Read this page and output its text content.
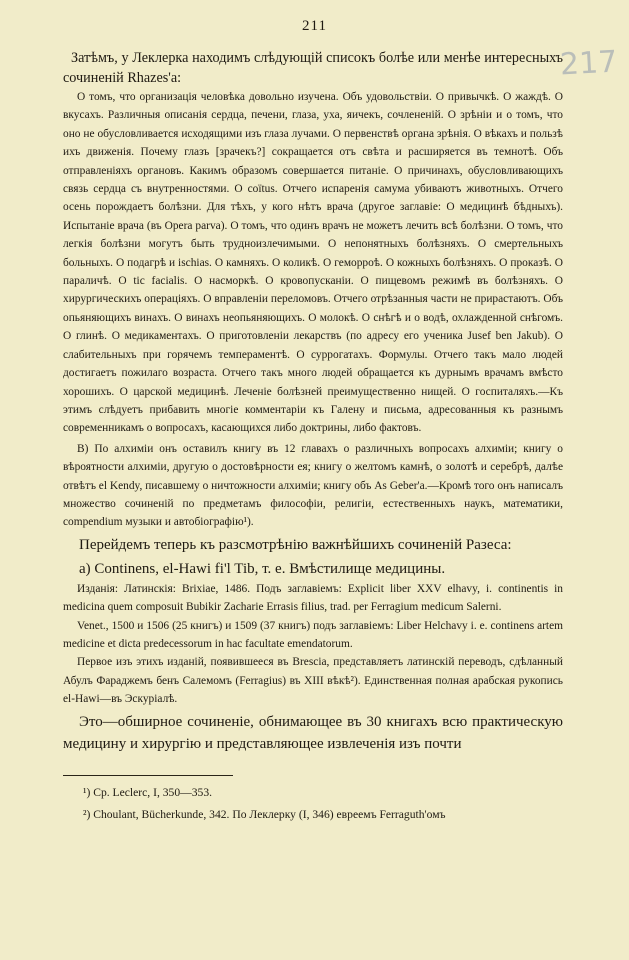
211
217

Затѣмъ, у Леклерка находимъ слѣдующій списокъ болѣе или менѣе интересныхъ сочиненій Rhazes'a:

О томъ, что организація человѣка довольно изучена. Объ удовольствіи. О привычкѣ. О жаждѣ. О вкусахъ. Различныя описанія сердца, печени, глаза, уха, яичекъ, сочлененій. О зрѣніи и о томъ, что оно не обусловливается исходящими изъ глаза лучами. О первенствѣ органа зрѣнія. О вѣкахъ и пользѣ ихъ движенія. Почему глазъ [зрачекъ?] сокращается отъ свѣта и расширяется въ темнотѣ. Объ отправленіяхъ органовъ. Какимъ образомъ совершается питаніе. О причинахъ, обусловливающихъ связь сердца съ внутренностями. О coïtus. Отчего испаренія самума убиваютъ животныхъ. Отчего осень порождаетъ болѣзни. Для тѣхъ, у кого нѣтъ врача (другое заглавіе: О медицинѣ бѣдныхъ). Испытаніе врача (въ Opera parva). О томъ, что одинъ врачъ не можетъ лечить всѣ болѣзни. О томъ, что легкія болѣзни могутъ быть трудноизлечимыми. О непонятныхъ болѣзняхъ. О смертельныхъ больныхъ. О подагрѣ и ischias. О камняхъ. О коликѣ. О геморроѣ. О кожныхъ болѣзняхъ. О проказѣ. О параличѣ. О tic facialis. О насморкѣ. О кровопусканіи. О пищевомъ режимѣ въ болѣзняхъ. О хирургическихъ операціяхъ. О вправленіи переломовъ. Отчего отрѣзанныя части не прирастаютъ. Объ опьяняющихъ винахъ. О винахъ неопьяняющихъ. О молокѣ. О снѣгѣ и о водѣ, охлажденной снѣгомъ. О глинѣ. О медикаментахъ. О приготовленіи лекарствъ (по адресу его ученика Jusef ben Jakub). О слабительныхъ при горячемъ темпераментѣ. О суррогатахъ. Формулы. Отчего такъ мало людей достигаетъ пожилаго возраста. Отчего такъ много людей обращается къ дурнымъ врачамъ вмѣсто хорошихъ. О царской медицинѣ. Леченіе болѣзней преимущественно нищей. О госпиталяхъ.—Къ этимъ слѣдуетъ прибавить многіе комментаріи къ Галену и письма, адресованныя къ разнымъ современникамъ о вопросахъ, касающихся либо доктрины, либо фактовъ.

В) По алхиміи онъ оставилъ книгу въ 12 главахъ о различныхъ вопросахъ алхиміи; книгу о вѣроятности алхиміи, другую о достовѣрности ея; книгу о желтомъ камнѣ, о золотѣ и серебрѣ, далѣе отвѣтъ el Kendy, писавшему о ничтожности алхиміи; книгу объ As Geber'a.—Кромѣ того онъ написалъ множество сочиненій по предметамъ философіи, религіи, естественныхъ наукъ, математики, compendium музыки и автобіографію¹).

Перейдемъ теперь къ разсмотрѣнію важнѣйшихъ сочиненій Разеса:

а) Continens, el-Hawi fi'l Tib, т. е. Вмѣстилище медицины.

Изданія: Латинскія: Brixiae, 1486. Подъ заглавіемъ: Explicit liber XXV elhavy, i. continentis in medicina quem composuit Bubikir Zacharie Errasis filius, trad. per Ferragium medicum Salerni.

Venet., 1500 и 1506 (25 книгъ) и 1509 (37 книгъ) подъ заглавіемъ: Liber Helchavy i. e. continens artem medicine et dicta predecessorum in hac facultate emendatorum.

Первое изъ этихъ изданій, появившееся въ Brescia, представляетъ латинскій переводъ, сдѣланный Абулъ Фараджемъ бенъ Салемомъ (Ferragius) въ XIII вѣкѣ²). Единственная полная арабская рукопись el-Hawi—въ Эскуріалѣ.

Это—обширное сочиненіе, обнимающее въ 30 книгахъ всю практическую медицину и хирургію и представляющее извлеченія изъ почти

¹) Ср. Leclerc, I, 350—353.

²) Choulant, Bücherkunde, 342. По Леклерку (I, 346) евреемъ Ferraguth'омъ
